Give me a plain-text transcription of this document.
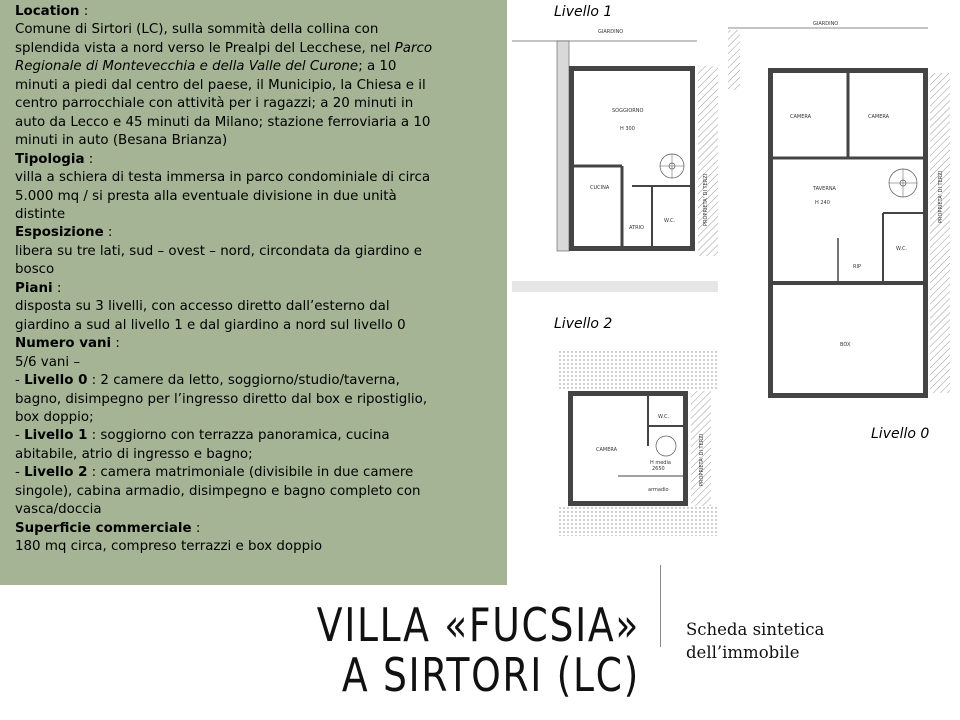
Location :

Comune di Sirtori (LC), sulla sommità della collina con

splendida vista a nord verso le Prealpi del Lecchese, nel Parco

Regionale di Montevecchia e della Valle del Curone; a 10

minuti a piedi dal centro del paese, il Municipio, la Chiesa e il

centro parrocchiale con attività per i ragazzi; a 20 minuti in

auto da Lecco e 45 minuti da Milano; stazione ferroviaria a 10

minuti in auto (Besana Brianza)

Tipologia :

villa a schiera di testa immersa in parco condominiale di circa

5.000 mq / si presta alla eventuale divisione in due unità

distinte

Esposizione :

libera su tre lati, sud – ovest – nord, circondata da giardino e

bosco

Piani :

disposta su 3 livelli, con accesso diretto dall’esterno dal

giardino a sud al livello 1 e dal giardino a nord sul livello 0

Numero vani :

5/6 vani –

- Livello 0 : 2 camere da letto, soggiorno/studio/taverna,

bagno, disimpegno per l’ingresso diretto dal box e ripostiglio,

box doppio;

- Livello 1 : soggiorno con terrazza panoramica, cucina

abitabile, atrio di ingresso e bagno;

- Livello 2 : camera matrimoniale (divisibile in due camere

singole), cabina armadio, disimpegno e bagno completo con

vasca/doccia

Superficie commerciale :

180 mq circa, compreso terrazzi e box doppio

Livello 1
Livello 2
Livello 0
GIARDINO
SOGGIORNO
H 300
CUCINA
ATRIO
W.C.	PROPRIETA' DI TERZI
CAMERA
W.C.
H media
2650
armadio
PROPRIETA' DI TERZI
GIARDINO
CAMERA	CAMERA
TAVERNA
H 240
W.C.
RIP
BOX
PROPRIETA' DI TERZI
VILLA «FUCSIA»
A SIRTORI (LC)
Scheda sintetica
dell’immobile
